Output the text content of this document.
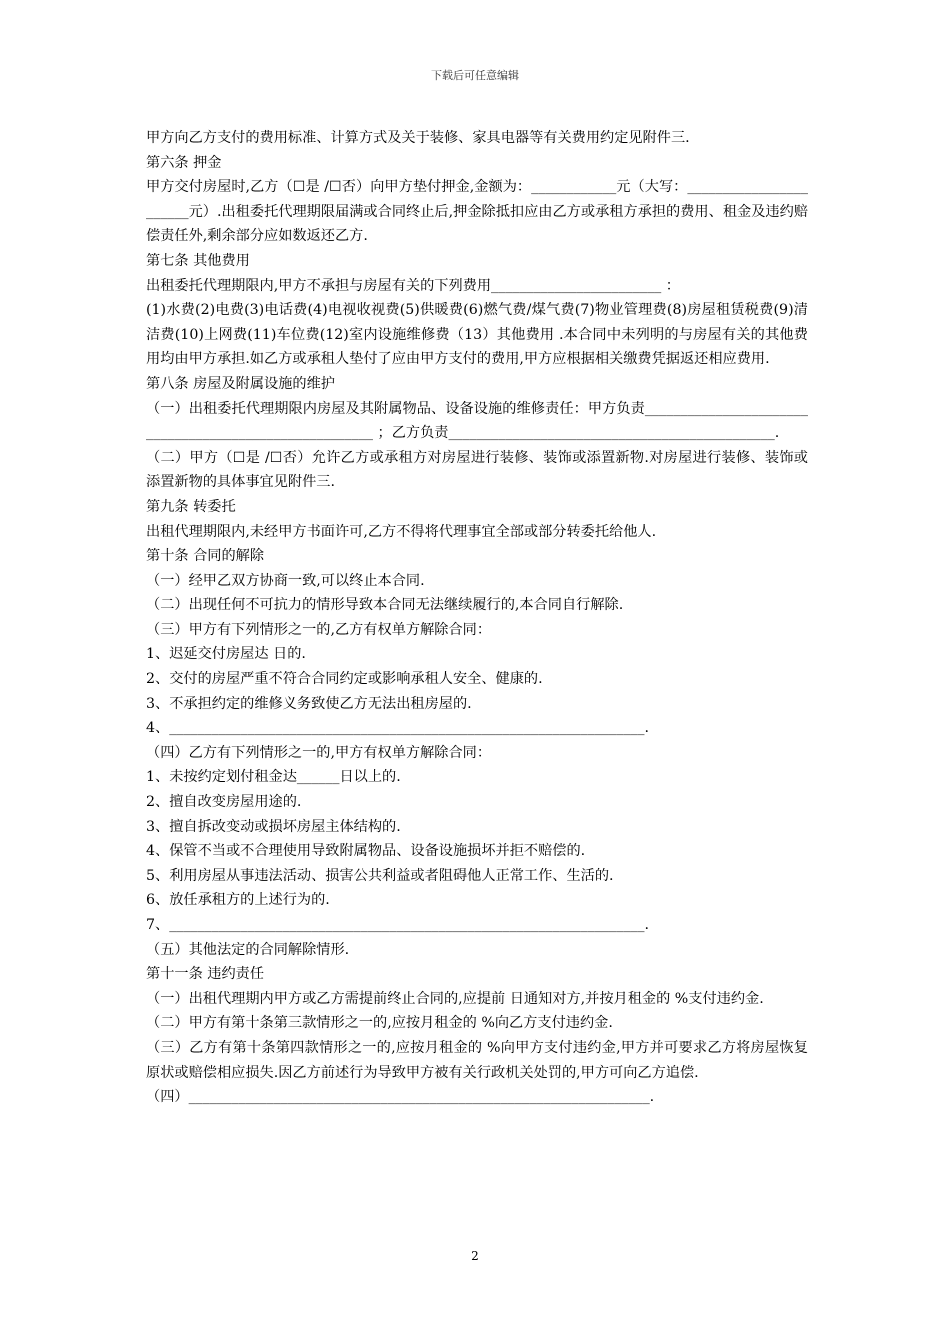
下载后可任意编辑

甲方向乙方支付的费用标准、计算方式及关于装修、家具电器等有关费用约定见附件三.

第六条 押金

甲方交付房屋时,乙方（☐是 /☐否）向甲方垫付押金,金额为：____________元（大写：_______________________元）.出租委托代理期限届满或合同终止后,押金除抵扣应由乙方或承租方承担的费用、租金及违约赔偿责任外,剩余部分应如数返还乙方.

第七条 其他费用

出租委托代理期限内,甲方不承担与房屋有关的下列费用________________________ ：

(1)水费(2)电费(3)电话费(4)电视收视费(5)供暖费(6)燃气费/煤气费(7)物业管理费(8)房屋租赁税费(9)清洁费(10)上网费(11)车位费(12)室内设施维修费（13）其他费用 .本合同中未列明的与房屋有关的其他费用均由甲方承担.如乙方或承租人垫付了应由甲方支付的费用,甲方应根据相关缴费凭据返还相应费用.

第八条 房屋及附属设施的维护

（一）出租委托代理期限内房屋及其附属物品、设备设施的维修责任：甲方负责_______________________________________________________ ；乙方负责______________________________________________.

（二）甲方（☐是 /☐否）允许乙方或承租方对房屋进行装修、装饰或添置新物.对房屋进行装修、装饰或添置新物的具体事宜见附件三.

第九条 转委托

出租代理期限内,未经甲方书面许可,乙方不得将代理事宜全部或部分转委托给他人.

第十条 合同的解除

（一）经甲乙双方协商一致,可以终止本合同.

（二）出现任何不可抗力的情形导致本合同无法继续履行的,本合同自行解除.

（三）甲方有下列情形之一的,乙方有权单方解除合同：

1、迟延交付房屋达 日的.

2、交付的房屋严重不符合合同约定或影响承租人安全、健康的.

3、不承担约定的维修义务致使乙方无法出租房屋的.

4、___________________________________________________________________.

（四）乙方有下列情形之一的,甲方有权单方解除合同：

1、未按约定划付租金达______日以上的.

2、擅自改变房屋用途的.

3、擅自拆改变动或损坏房屋主体结构的.

4、保管不当或不合理使用导致附属物品、设备设施损坏并拒不赔偿的.

5、利用房屋从事违法活动、损害公共利益或者阻碍他人正常工作、生活的.

6、放任承租方的上述行为的.

7、___________________________________________________________________.

（五）其他法定的合同解除情形.

第十一条 违约责任

（一）出租代理期内甲方或乙方需提前终止合同的,应提前 日通知对方,并按月租金的 %支付违约金.

（二）甲方有第十条第三款情形之一的,应按月租金的 %向乙方支付违约金.

（三）乙方有第十条第四款情形之一的,应按月租金的 %向甲方支付违约金,甲方并可要求乙方将房屋恢复原状或赔偿相应损失.因乙方前述行为导致甲方被有关行政机关处罚的,甲方可向乙方追偿.

（四）_________________________________________________________________.

2
